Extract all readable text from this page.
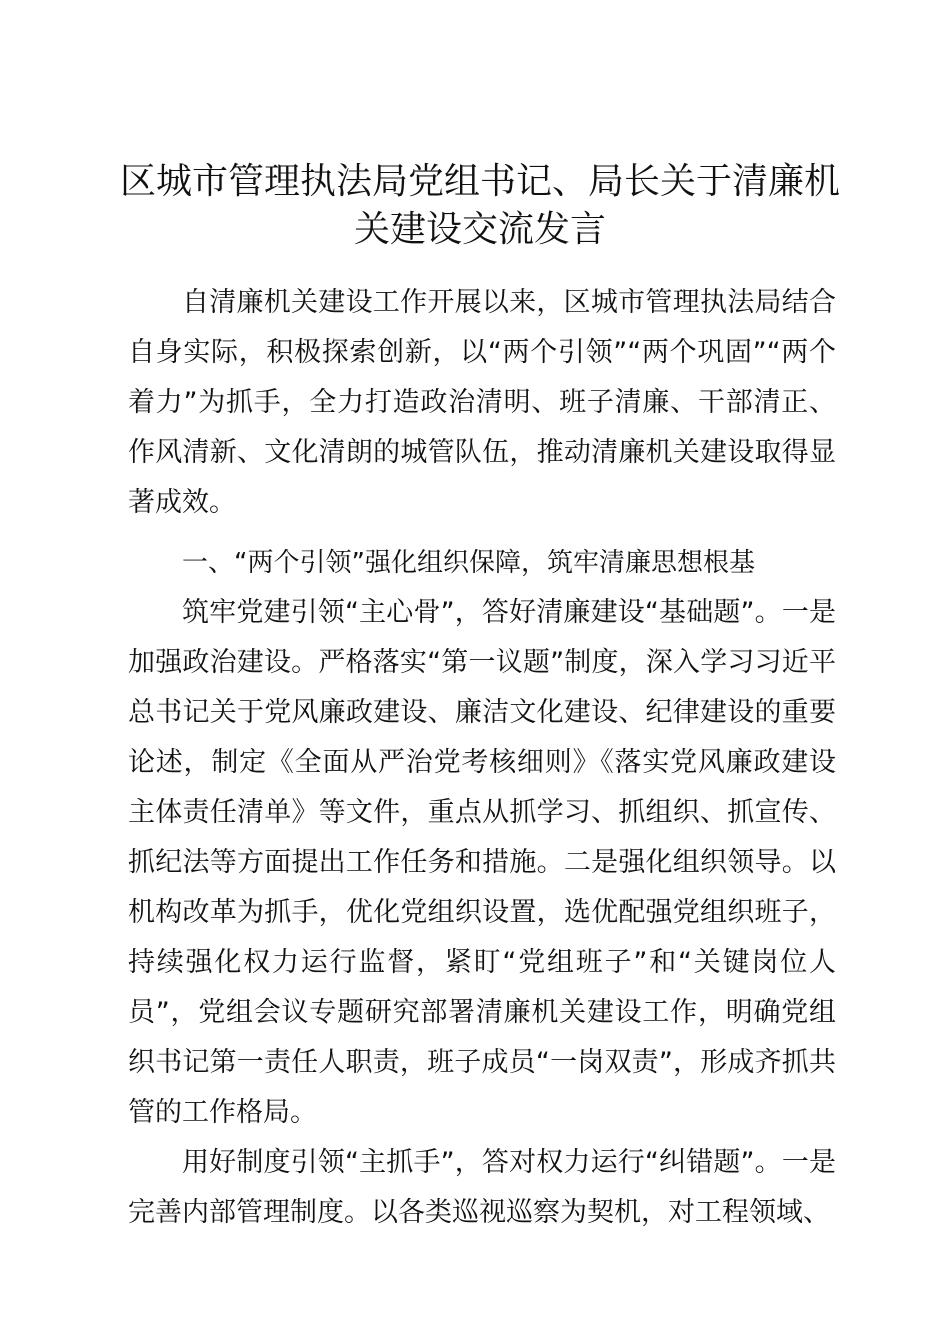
区城市管理执法局党组书记、局长关于清廉机关建设交流发言

自清廉机关建设工作开展以来，区城市管理执法局结合自身实际，积极探索创新，以“两个引领”“两个巩固”“两个着力”为抓手，全力打造政治清明、班子清廉、干部清正、作风清新、文化清朗的城管队伍，推动清廉机关建设取得显著成效。

一、“两个引领”强化组织保障，筑牢清廉思想根基

筑牢党建引领“主心骨”，答好清廉建设“基础题”。一是加强政治建设。严格落实“第一议题”制度，深入学习习近平总书记关于党风廉政建设、廉洁文化建设、纪律建设的重要论述，制定《全面从严治党考核细则》《落实党风廉政建设主体责任清单》等文件，重点从抓学习、抓组织、抓宣传、抓纪法等方面提出工作任务和措施。二是强化组织领导。以机构改革为抓手，优化党组织设置，选优配强党组织班子，持续强化权力运行监督，紧盯“党组班子”和“关键岗位人员”，党组会议专题研究部署清廉机关建设工作，明确党组织书记第一责任人职责，班子成员“一岗双责”，形成齐抓共管的工作格局。

用好制度引领“主抓手”，答对权力运行“纠错题”。一是完善内部管理制度。以各类巡视巡察为契机，对工程领域、
